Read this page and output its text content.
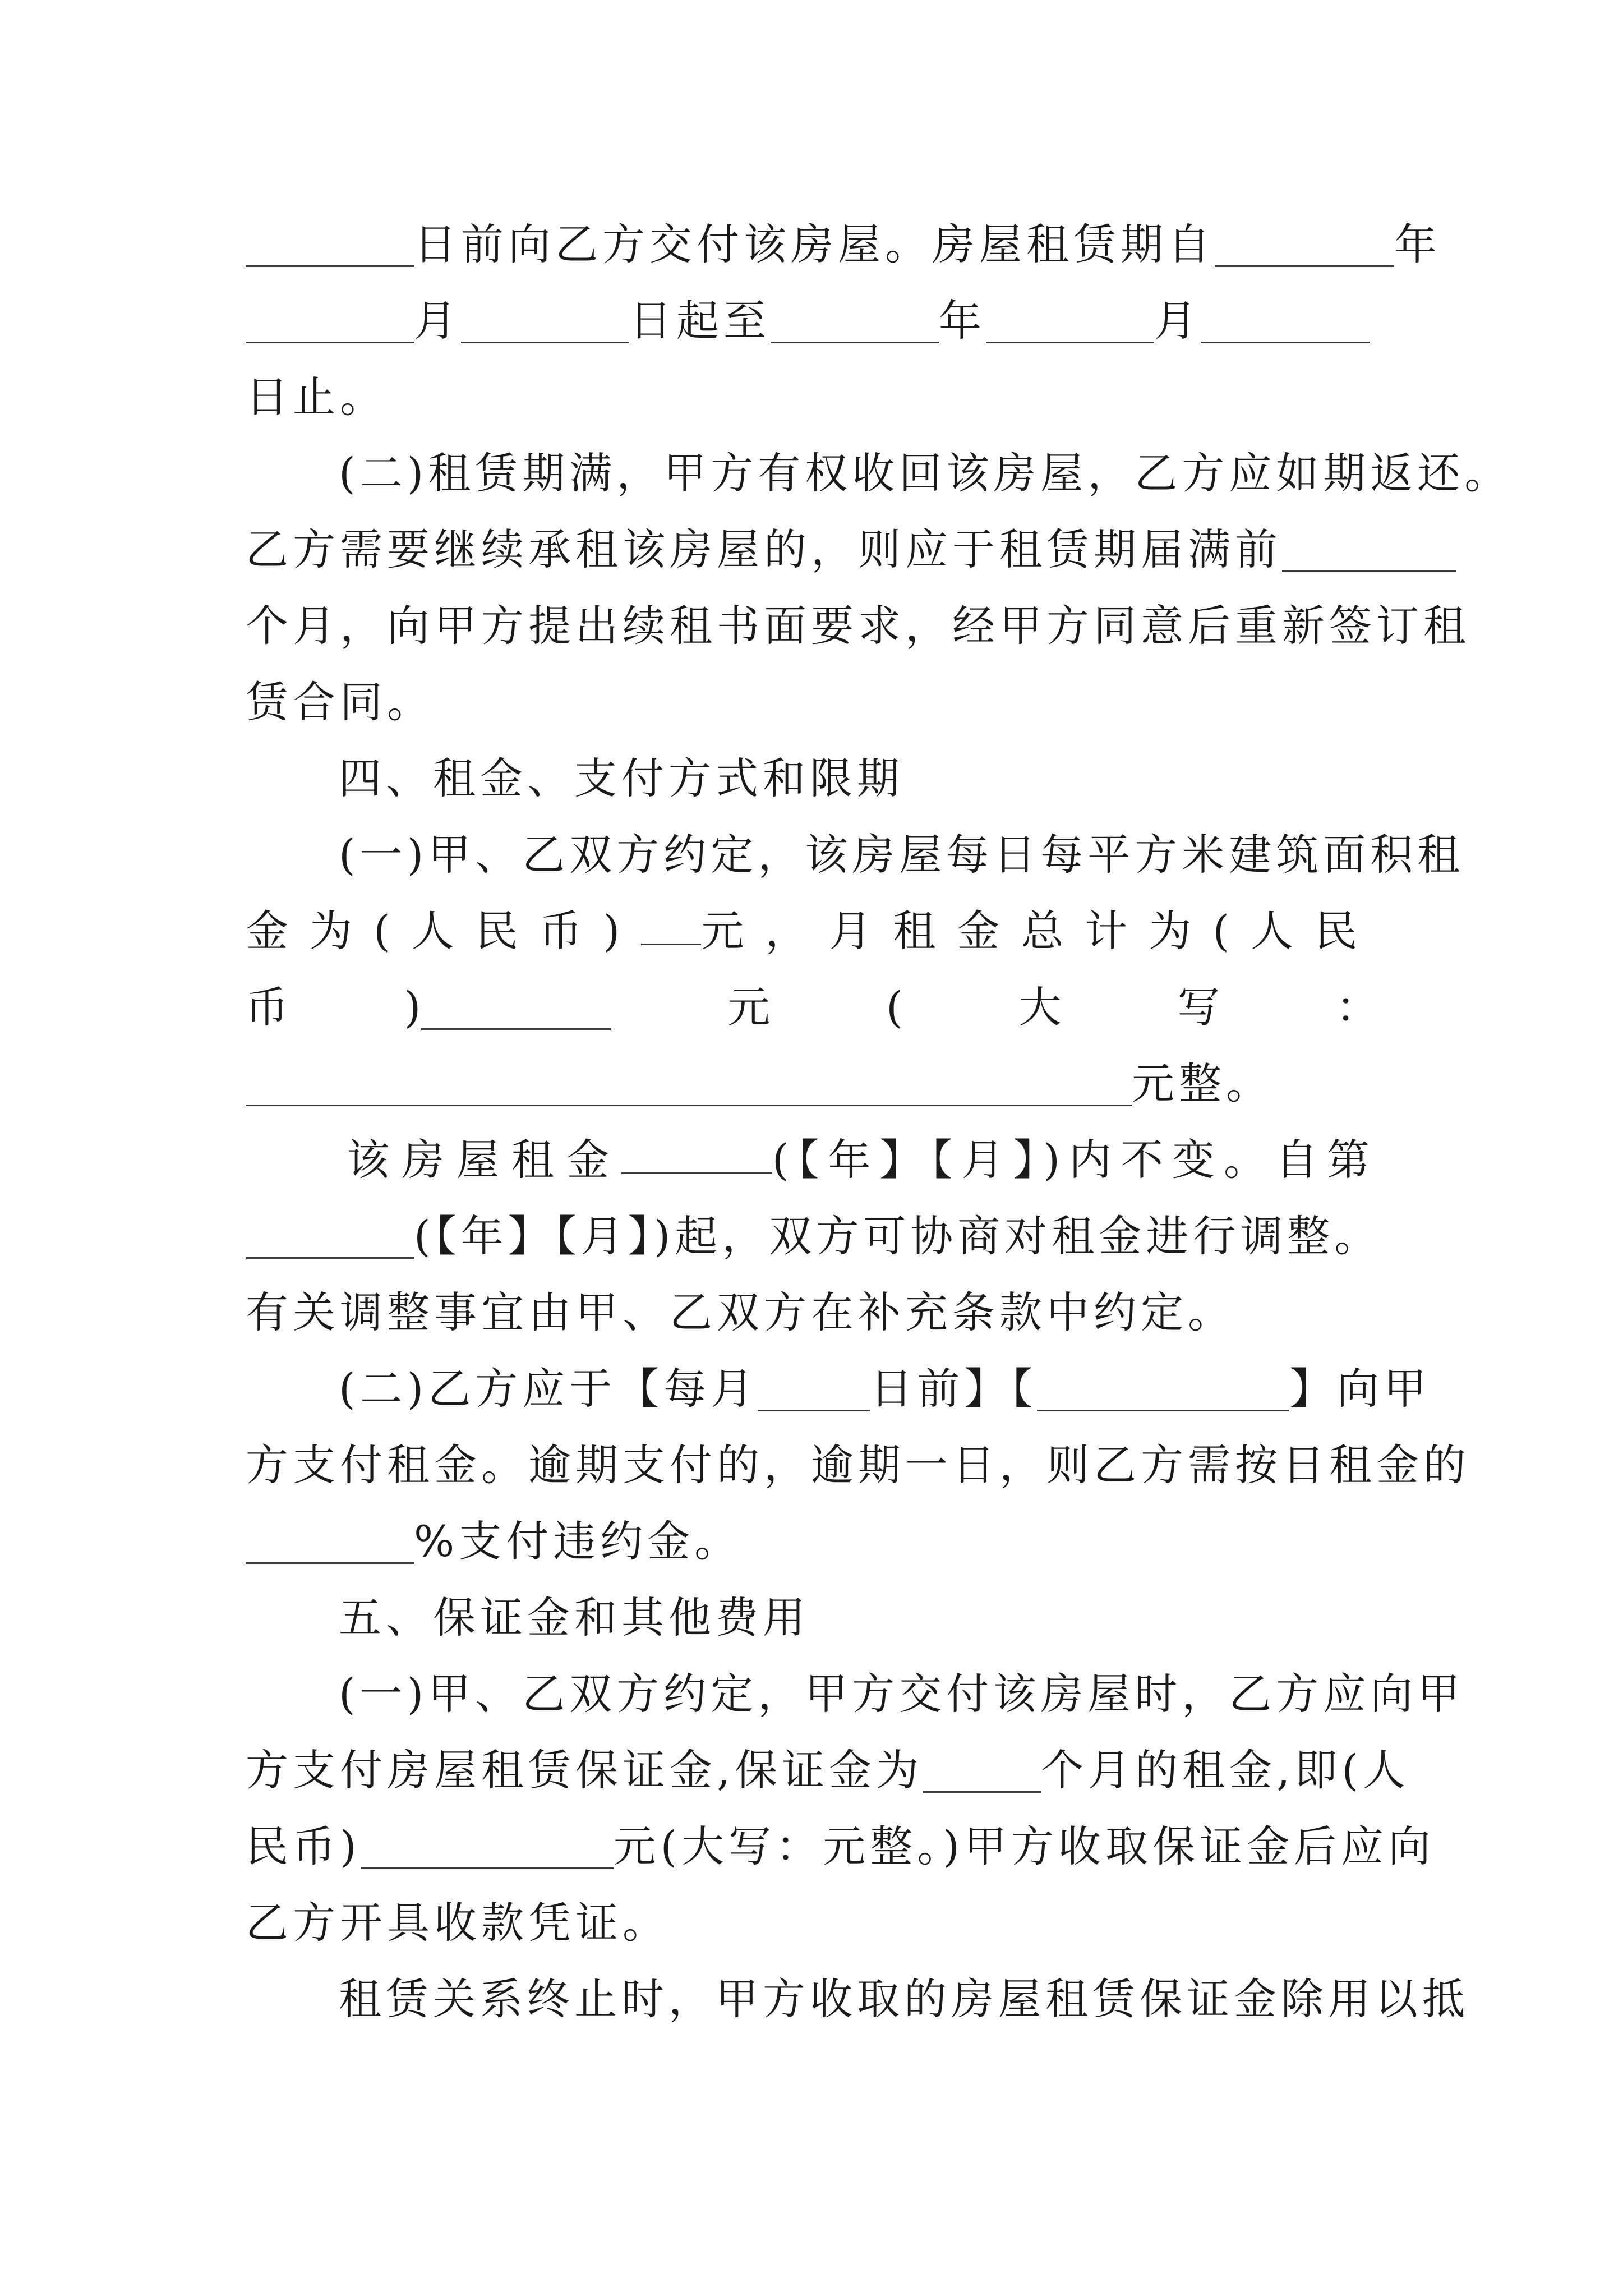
日前向乙方交付该房屋。房屋租赁期自	年
月	日起至	年	月
日止。
(二)租赁期满，甲方有权收回该房屋，乙方应如期返还。
乙方需要继续承租该房屋的，则应于租赁期届满前
个月，向甲方提出续租书面要求，经甲方同意后重新签订租
赁合同。
四、租金、支付方式和限期
(一)甲、乙双方约定，该房屋每日每平方米建筑面积租
金为(人民币) 元，月租金总计为(人民
币	)	元	(	大	写	：
元整。
该房屋租金	(【年】【月】)内不变。自第
(【年】【月】)起，双方可协商对租金进行调整。
有关调整事宜由甲、乙双方在补充条款中约定。
(二)乙方应于【每月	日前】【	】向甲
方支付租金。逾期支付的，逾期一日，则乙方需按日租金的
%支付违约金。
五、保证金和其他费用
(一)甲、乙双方约定，甲方交付该房屋时，乙方应向甲
方支付房屋租赁保证金,保证金为	个月的租金,即(人
民币)	元(大写：元整。)甲方收取保证金后应向
乙方开具收款凭证。
租赁关系终止时，甲方收取的房屋租赁保证金除用以抵
